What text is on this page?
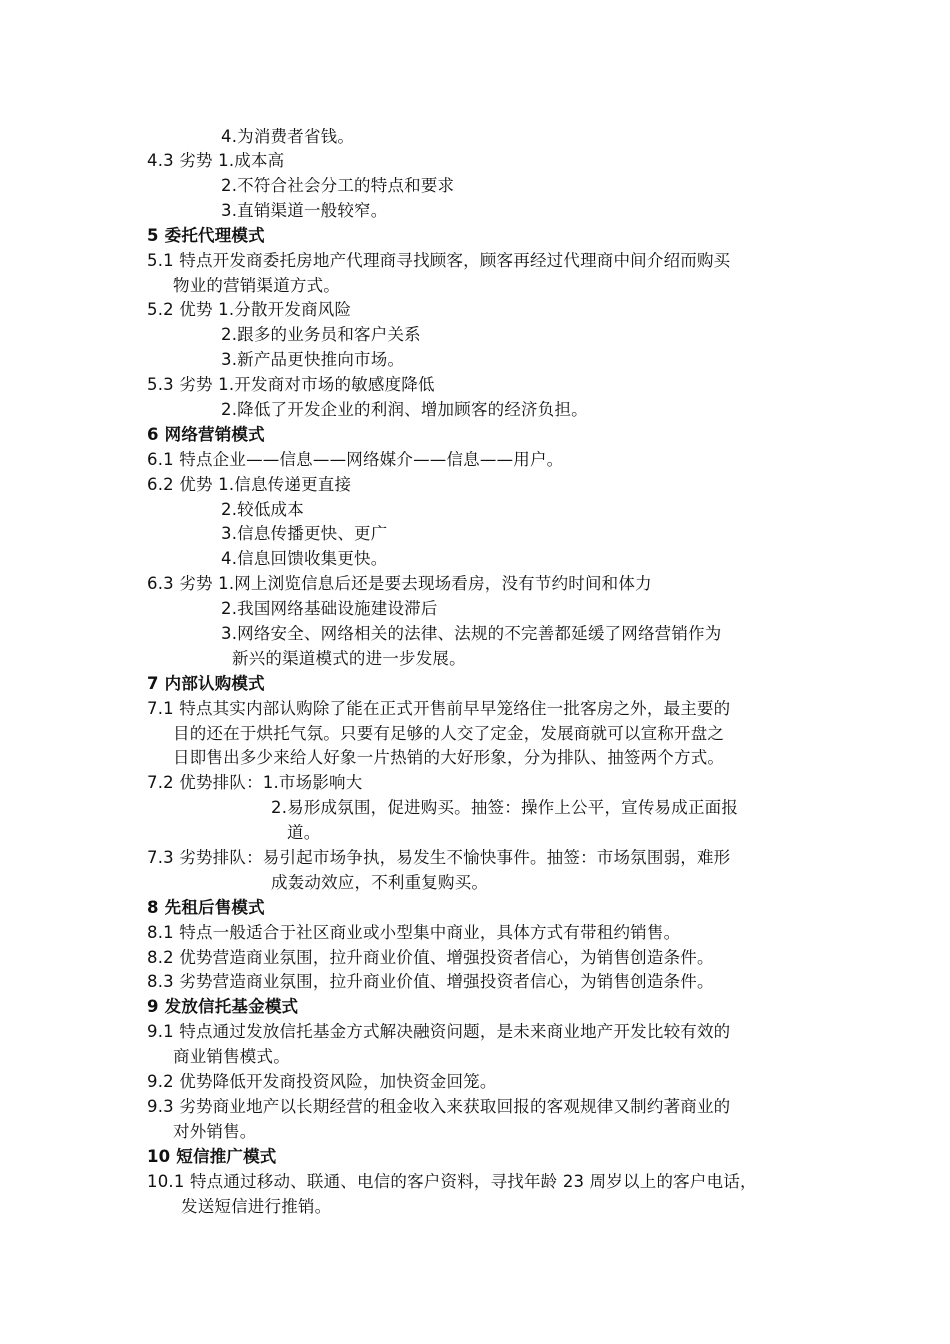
4.为消费者省钱。
4.3 劣势 1.成本高
2.不符合社会分工的特点和要求
3.直销渠道一般较窄。
5 委托代理模式
5.1 特点开发商委托房地产代理商寻找顾客，顾客再经过代理商中间介绍而购买
物业的营销渠道方式。
5.2 优势 1.分散开发商风险
2.跟多的业务员和客户关系
3.新产品更快推向市场。
5.3 劣势 1.开发商对市场的敏感度降低
2.降低了开发企业的利润、增加顾客的经济负担。
6 网络营销模式
6.1 特点企业——信息——网络媒介——信息——用户。
6.2 优势 1.信息传递更直接
2.较低成本
3.信息传播更快、更广
4.信息回馈收集更快。
6.3 劣势 1.网上浏览信息后还是要去现场看房，没有节约时间和体力
2.我国网络基础设施建设滞后
3.网络安全、网络相关的法律、法规的不完善都延缓了网络营销作为
新兴的渠道模式的进一步发展。
7 内部认购模式
7.1 特点其实内部认购除了能在正式开售前早早笼络住一批客房之外，最主要的
目的还在于烘托气氛。只要有足够的人交了定金，发展商就可以宣称开盘之
日即售出多少来给人好象一片热销的大好形象，分为排队、抽签两个方式。
7.2 优势排队：1.市场影响大
2.易形成氛围，促进购买。抽签：操作上公平，宣传易成正面报
道。
7.3 劣势排队：易引起市场争执，易发生不愉快事件。抽签：市场氛围弱，难形
成轰动效应，不利重复购买。
8 先租后售模式
8.1 特点一般适合于社区商业或小型集中商业，具体方式有带租约销售。
8.2 优势营造商业氛围，拉升商业价值、增强投资者信心，为销售创造条件。
8.3 劣势营造商业氛围，拉升商业价值、增强投资者信心，为销售创造条件。
9 发放信托基金模式
9.1 特点通过发放信托基金方式解决融资问题，是未来商业地产开发比较有效的
商业销售模式。
9.2 优势降低开发商投资风险，加快资金回笼。
9.3 劣势商业地产以长期经营的租金收入来获取回报的客观规律又制约著商业的
对外销售。
10 短信推广模式
10.1 特点通过移动、联通、电信的客户资料，寻找年龄 23 周岁以上的客户电话，
发送短信进行推销。
